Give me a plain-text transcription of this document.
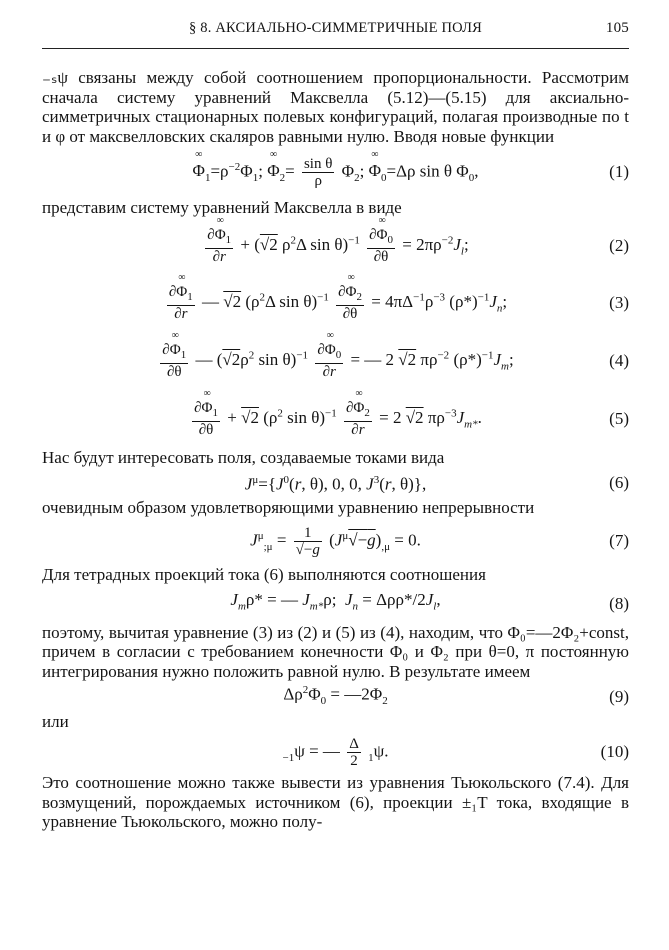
§ 8. АКСИАЛЬНО-СИММЕТРИЧНЫЕ ПОЛЯ	105

₋ₛψ связаны между собой соотношением пропорциональности. Рассмотрим сначала систему уравнений Максвелла (5.12)—(5.15) для аксиально-симметричных стационарных полевых конфигураций, полагая производные по t и φ от максвелловских скаляров равными нулю. Вводя новые функции

∞ $\Phi_1=\rho^{-2}\Phi_1$; ∞ $\Phi_2= \frac{\text{sin θ}}{\rho} \Phi_2$; ∞ $\Phi_0=\Delta\rho$ sin θ $\Phi_0$,	(1)

представим систему уравнений Максвелла в виде

$\frac{\partial\infty \Phi_1}{\partial r} + (√2$ $\rho^2\Delta$ $\sin \theta)^{-1} \frac{\partial\infty \Phi_0}{\partial\theta} = 2\pi\rho^{-2}J_l$;	(2)
$\frac{\partial\infty \Phi_1}{\partial r}$ — √2 ($\rho^2\Delta$ $\sin \theta)^{-1} \frac{\partial\infty \Phi_2}{\partial\theta} = 4\pi\Delta^{-1}\rho^{-3}$ $(\rho*)^{-1}J_n$;	(3)
$\frac{\partial\infty \Phi_1}{\partial\theta}$ — ($√2\rho^2$ $\sin \theta)^{-1} \frac{\partial\infty \Phi_0}{\partial r}$ = — 2 √2 $\pi\rho^{-2}$ $(\rho*)^{-1}J_m$;	(4)
$\frac{\partial\infty \Phi_1}{\partial\theta} + √2$ ($\rho^2$ $\sin \theta)^{-1} \frac{\partial\infty \Phi_2}{\partial r} = 2$ √2 $\pi\rho^{-3}J_{m*}$.	(5)

Нас будут интересовать поля, создаваемые токами вида

$J^\mu=\{J^0(r$, θ), 0, 0, $J^3(r$, θ)},	(6)

очевидным образом удовлетворяющими уравнению непрерывности

$J^\mu_{;\mu} = \frac{1}{√-g} (J^\mu√-g)_{,\mu} = 0$.	(7)

Для тетрадных проекций тока (6) выполняются соотношения

$J_m\rho*$ = — $J_{m*}\rho$;  $J_n = \Delta\rho\rho*/2J_l$,	(8)

поэтому, вычитая уравнение (3) из (2) и (5) из (4), находим, что Φ₀=—2Φ₂+const, причем в согласии с требованием конечности Φ₀ и Φ₂ при θ=0, π постоянную интегрирования нужно положить равной нулю. В результате имеем

$\Delta\rho^2\Phi_0$ = $—2\Phi_2$	(9)

или

$_{-1}$ψ = — $\frac{\Delta}{2} _1\psi$.	(10)

Это соотношение можно также вывести из уравнения Тьюкольского (7.4). Для возмущений, порождаемых источником (6), проекции ±₁T тока, входящие в уравнение Тьюкольского, можно полу-
